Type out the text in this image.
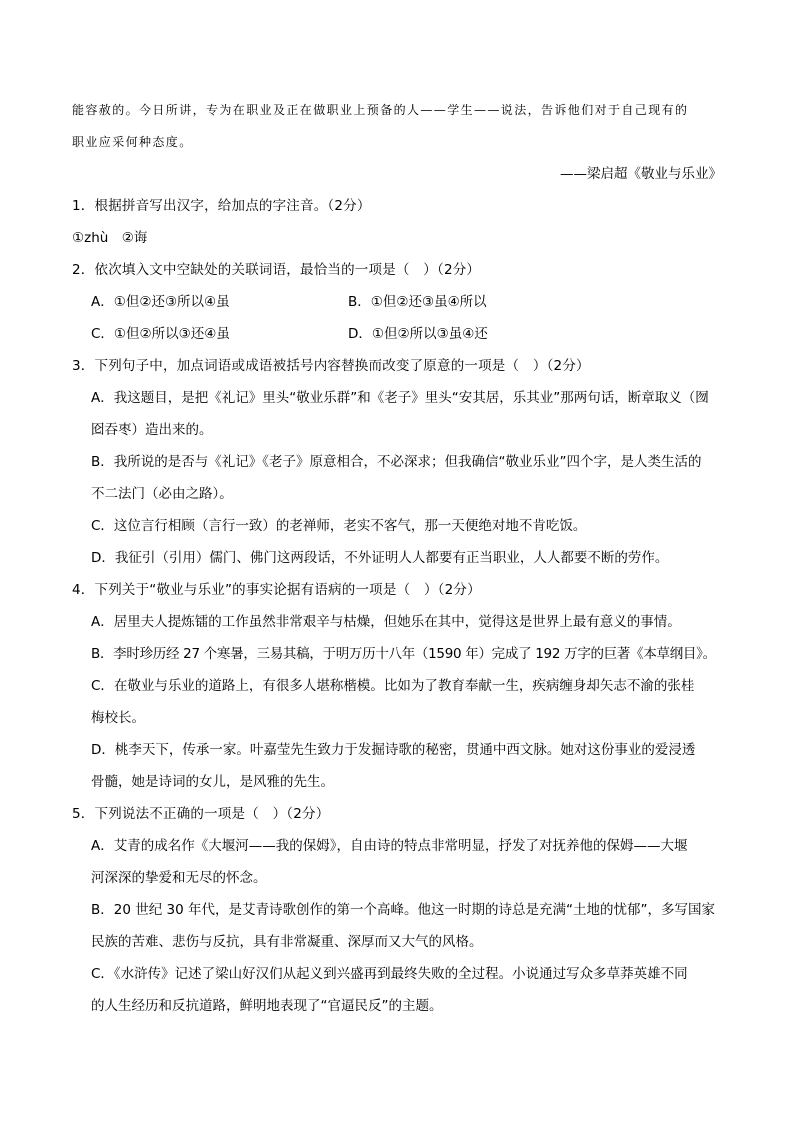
能容赦的。今日所讲，专为在职业及正在做职业上预备的人——学生——说法，告诉他们对于自己现有的
职业应采何种态度。
——梁启超《敬业与乐业》
1．根据拼音写出汉字，给加点的字注音。（2分）
①zhù　②诲
2．依次填入文中空缺处的关联词语，最恰当的一项是（　）（2分）
A．①但②还③所以④虽	B．①但②还③虽④所以
C．①但②所以③还④虽	D．①但②所以③虽④还
3．下列句子中，加点词语或成语被括号内容替换而改变了原意的一项是（　）（2分）
A．我这题目，是把《礼记》里头“敬业乐群”和《老子》里头“安其居，乐其业”那两句话，断章取义（囫
囵吞枣）造出来的。
B．我所说的是否与《礼记》《老子》原意相合，不必深求；但我确信“敬业乐业”四个字，是人类生活的
不二法门（必由之路）。
C．这位言行相顾（言行一致）的老禅师，老实不客气，那一天便绝对地不肯吃饭。
D．我征引（引用）儒门、佛门这两段话，不外证明人人都要有正当职业，人人都要不断的劳作。
4．下列关于“敬业与乐业”的事实论据有语病的一项是（　）（2分）
A．居里夫人提炼镭的工作虽然非常艰辛与枯燥，但她乐在其中，觉得这是世界上最有意义的事情。
B．李时珍历经 27 个寒暑，三易其稿，于明万历十八年（1590 年）完成了 192 万字的巨著《本草纲目》。
C．在敬业与乐业的道路上，有很多人堪称楷模。比如为了教育奉献一生，疾病缠身却矢志不渝的张桂
梅校长。
D．桃李天下，传承一家。叶嘉莹先生致力于发掘诗歌的秘密，贯通中西文脉。她对这份事业的爱浸透
骨髓，她是诗词的女儿，是风雅的先生。
5．下列说法不正确的一项是（　）（2分）
A．艾青的成名作《大堰河——我的保姆》，自由诗的特点非常明显，抒发了对抚养他的保姆——大堰
河深深的挚爱和无尽的怀念。
B．20 世纪 30 年代，是艾青诗歌创作的第一个高峰。他这一时期的诗总是充满“土地的忧郁”，多写国家
民族的苦难、悲伤与反抗，具有非常凝重、深厚而又大气的风格。
C．《水浒传》记述了梁山好汉们从起义到兴盛再到最终失败的全过程。小说通过写众多草莽英雄不同
的人生经历和反抗道路，鲜明地表现了“官逼民反”的主题。
